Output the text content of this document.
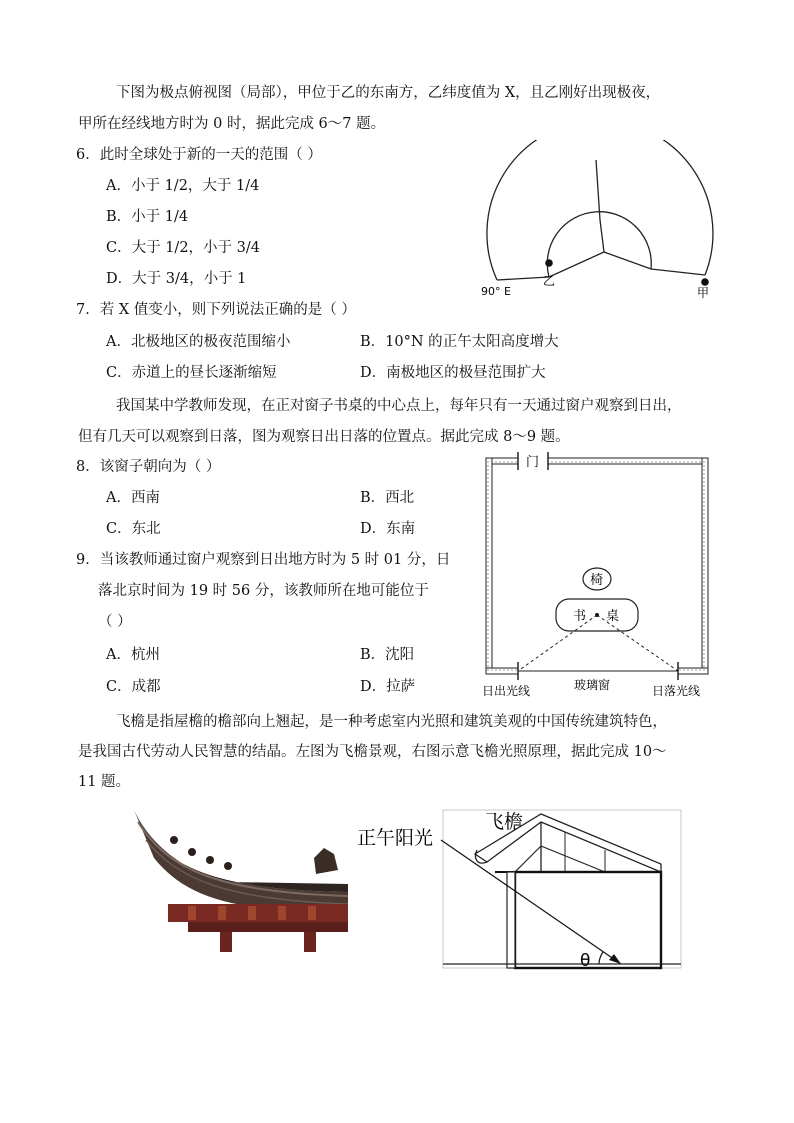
下图为极点俯视图（局部），甲位于乙的东南方，乙纬度值为 X，且乙刚好出现极夜，
甲所在经线地方时为 0 时，据此完成 6～7 题。
6．此时全球处于新的一天的范围（ ）
A．小于 1/2，大于 1/4
B．小于 1/4
C．大于 1/2，小于 3/4
D．大于 3/4，小于 1
90° E
乙
甲
7．若 X 值变小，则下列说法正确的是（ ）
A．北极地区的极夜范围缩小	B．10°N 的正午太阳高度增大
C．赤道上的昼长逐渐缩短	D．南极地区的极昼范围扩大
我国某中学教师发现，在正对窗子书桌的中心点上，每年只有一天通过窗户观察到日出，
但有几天可以观察到日落，图为观察日出日落的位置点。据此完成 8～9 题。
8．该窗子朝向为（ ）
A．西南	B．西北
C．东北	D．东南
门
椅
书 桌
日出光线	玻璃窗	日落光线
9．当该教师通过窗户观察到日出地方时为 5 时 01 分，日
落北京时间为 19 时 56 分，该教师所在地可能位于
（ ）
A．杭州	B．沈阳
C．成都	D．拉萨
飞檐是指屋檐的檐部向上翘起，是一种考虑室内光照和建筑美观的中国传统建筑特色，
是我国古代劳动人民智慧的结晶。左图为飞檐景观，右图示意飞檐光照原理，据此完成 10～
11 题。
正午阳光
飞檐
θ
